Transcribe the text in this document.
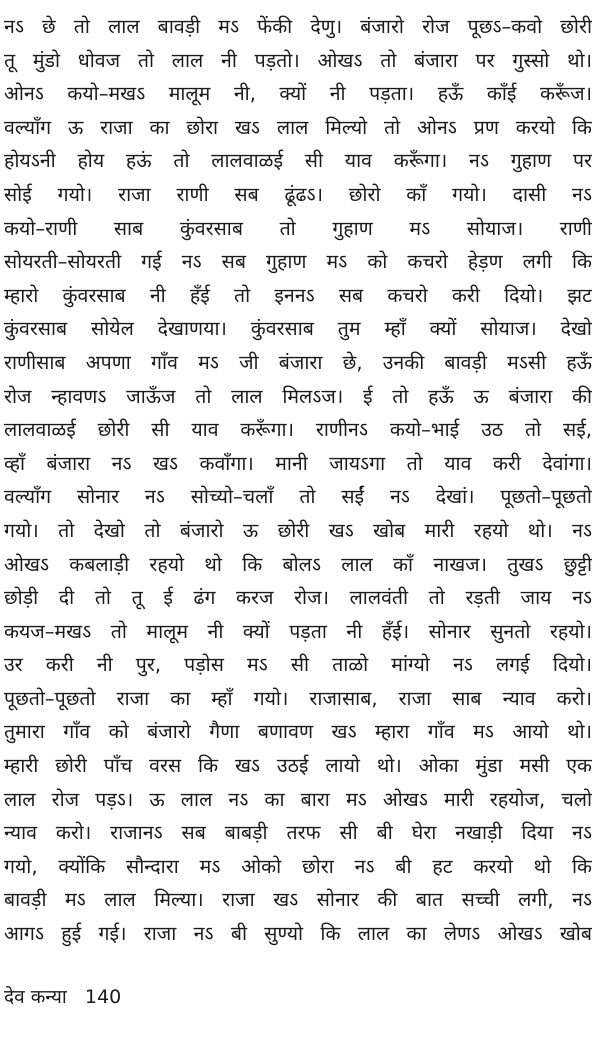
नऽ छे तो लाल बावड़ी मऽ फेंकी देणु। बंजारो रोज पूछऽ–कवो छोरी
तू मुंडो धोवज तो लाल नी पड़तो। ओखऽ तो बंजारा पर गुस्सो थो।
ओनऽ कयो–मखऽ मालूम नी, क्यों नी पड़ता। हऊँ काँई करूँज।
वल्याँग ऊ राजा का छोरा खऽ लाल मिल्यो तो ओनऽ प्रण करयो कि
होयऽनी होय हऊं तो लालवाळई सी याव करूँगा। नऽ गुहाण पर
सोई गयो। राजा राणी सब ढूंढऽ। छोरो काँ गयो। दासी नऽ
कयो–राणी साब कुंवरसाब तो गुहाण मऽ सोयाज। राणी
सोयरती–सोयरती गई नऽ सब गुहाण मऽ को कचरो हेड़ण लगी कि
म्हारो कुंवरसाब नी हँई तो इननऽ सब कचरो करी दियो। झट
कुंवरसाब सोयेल देखाणया। कुंवरसाब तुम म्हाँ क्यों सोयाज। देखो
राणीसाब अपणा गाँव मऽ जी बंजारा छे, उनकी बावड़ी मऽसी हऊँ
रोज न्हावणऽ जाऊँज तो लाल मिलऽज। ई तो हऊँ ऊ बंजारा की
लालवाळई छोरी सी याव करूँगा। राणीनऽ कयो–भाई उठ तो सई,
व्हाँ बंजारा नऽ खऽ कवाँगा। मानी जायऽगा तो याव करी देवांगा।
वल्याँग सोनार नऽ सोच्यो–चलाँ तो सईं नऽ देखां। पूछतो–पूछतो
गयो। तो देखो तो बंजारो ऊ छोरी खऽ खोब मारी रहयो थो। नऽ
ओखऽ कबलाड़ी रहयो थो कि बोलऽ लाल काँ नाखज। तुखऽ छुट्टी
छोड़ी दी तो तू ई ढंग करज रोज। लालवंती तो रड़ती जाय नऽ
कयज–मखऽ तो मालूम नी क्यों पड़ता नी हँई। सोनार सुनतो रहयो।
उर करी नी पुर, पड़ोस मऽ सी ताळो मांग्यो नऽ लगई दियो।
पूछतो–पूछतो राजा का म्हाँ गयो। राजासाब, राजा साब न्याव करो।
तुमारा गाँव को बंजारो गैणा बणावण खऽ म्हारा गाँव मऽ आयो थो।
म्हारी छोरी पाँच वरस कि खऽ उठई लायो थो। ओका मुंडा मसी एक
लाल रोज पड़ऽ। ऊ लाल नऽ का बारा मऽ ओखऽ मारी रहयोज, चलो
न्याव करो। राजानऽ सब बाबड़ी तरफ सी बी घेरा नखाड़ी दिया नऽ
गयो, क्योंकि सौन्दारा मऽ ओको छोरा नऽ बी हट करयो थो कि
बावड़ी मऽ लाल मिल्या। राजा खऽ सोनार की बात सच्ची लगी, नऽ
आगऽ हुई गई। राजा नऽ बी सुण्यो कि लाल का लेणऽ ओखऽ खोब
देव कन्या 140
